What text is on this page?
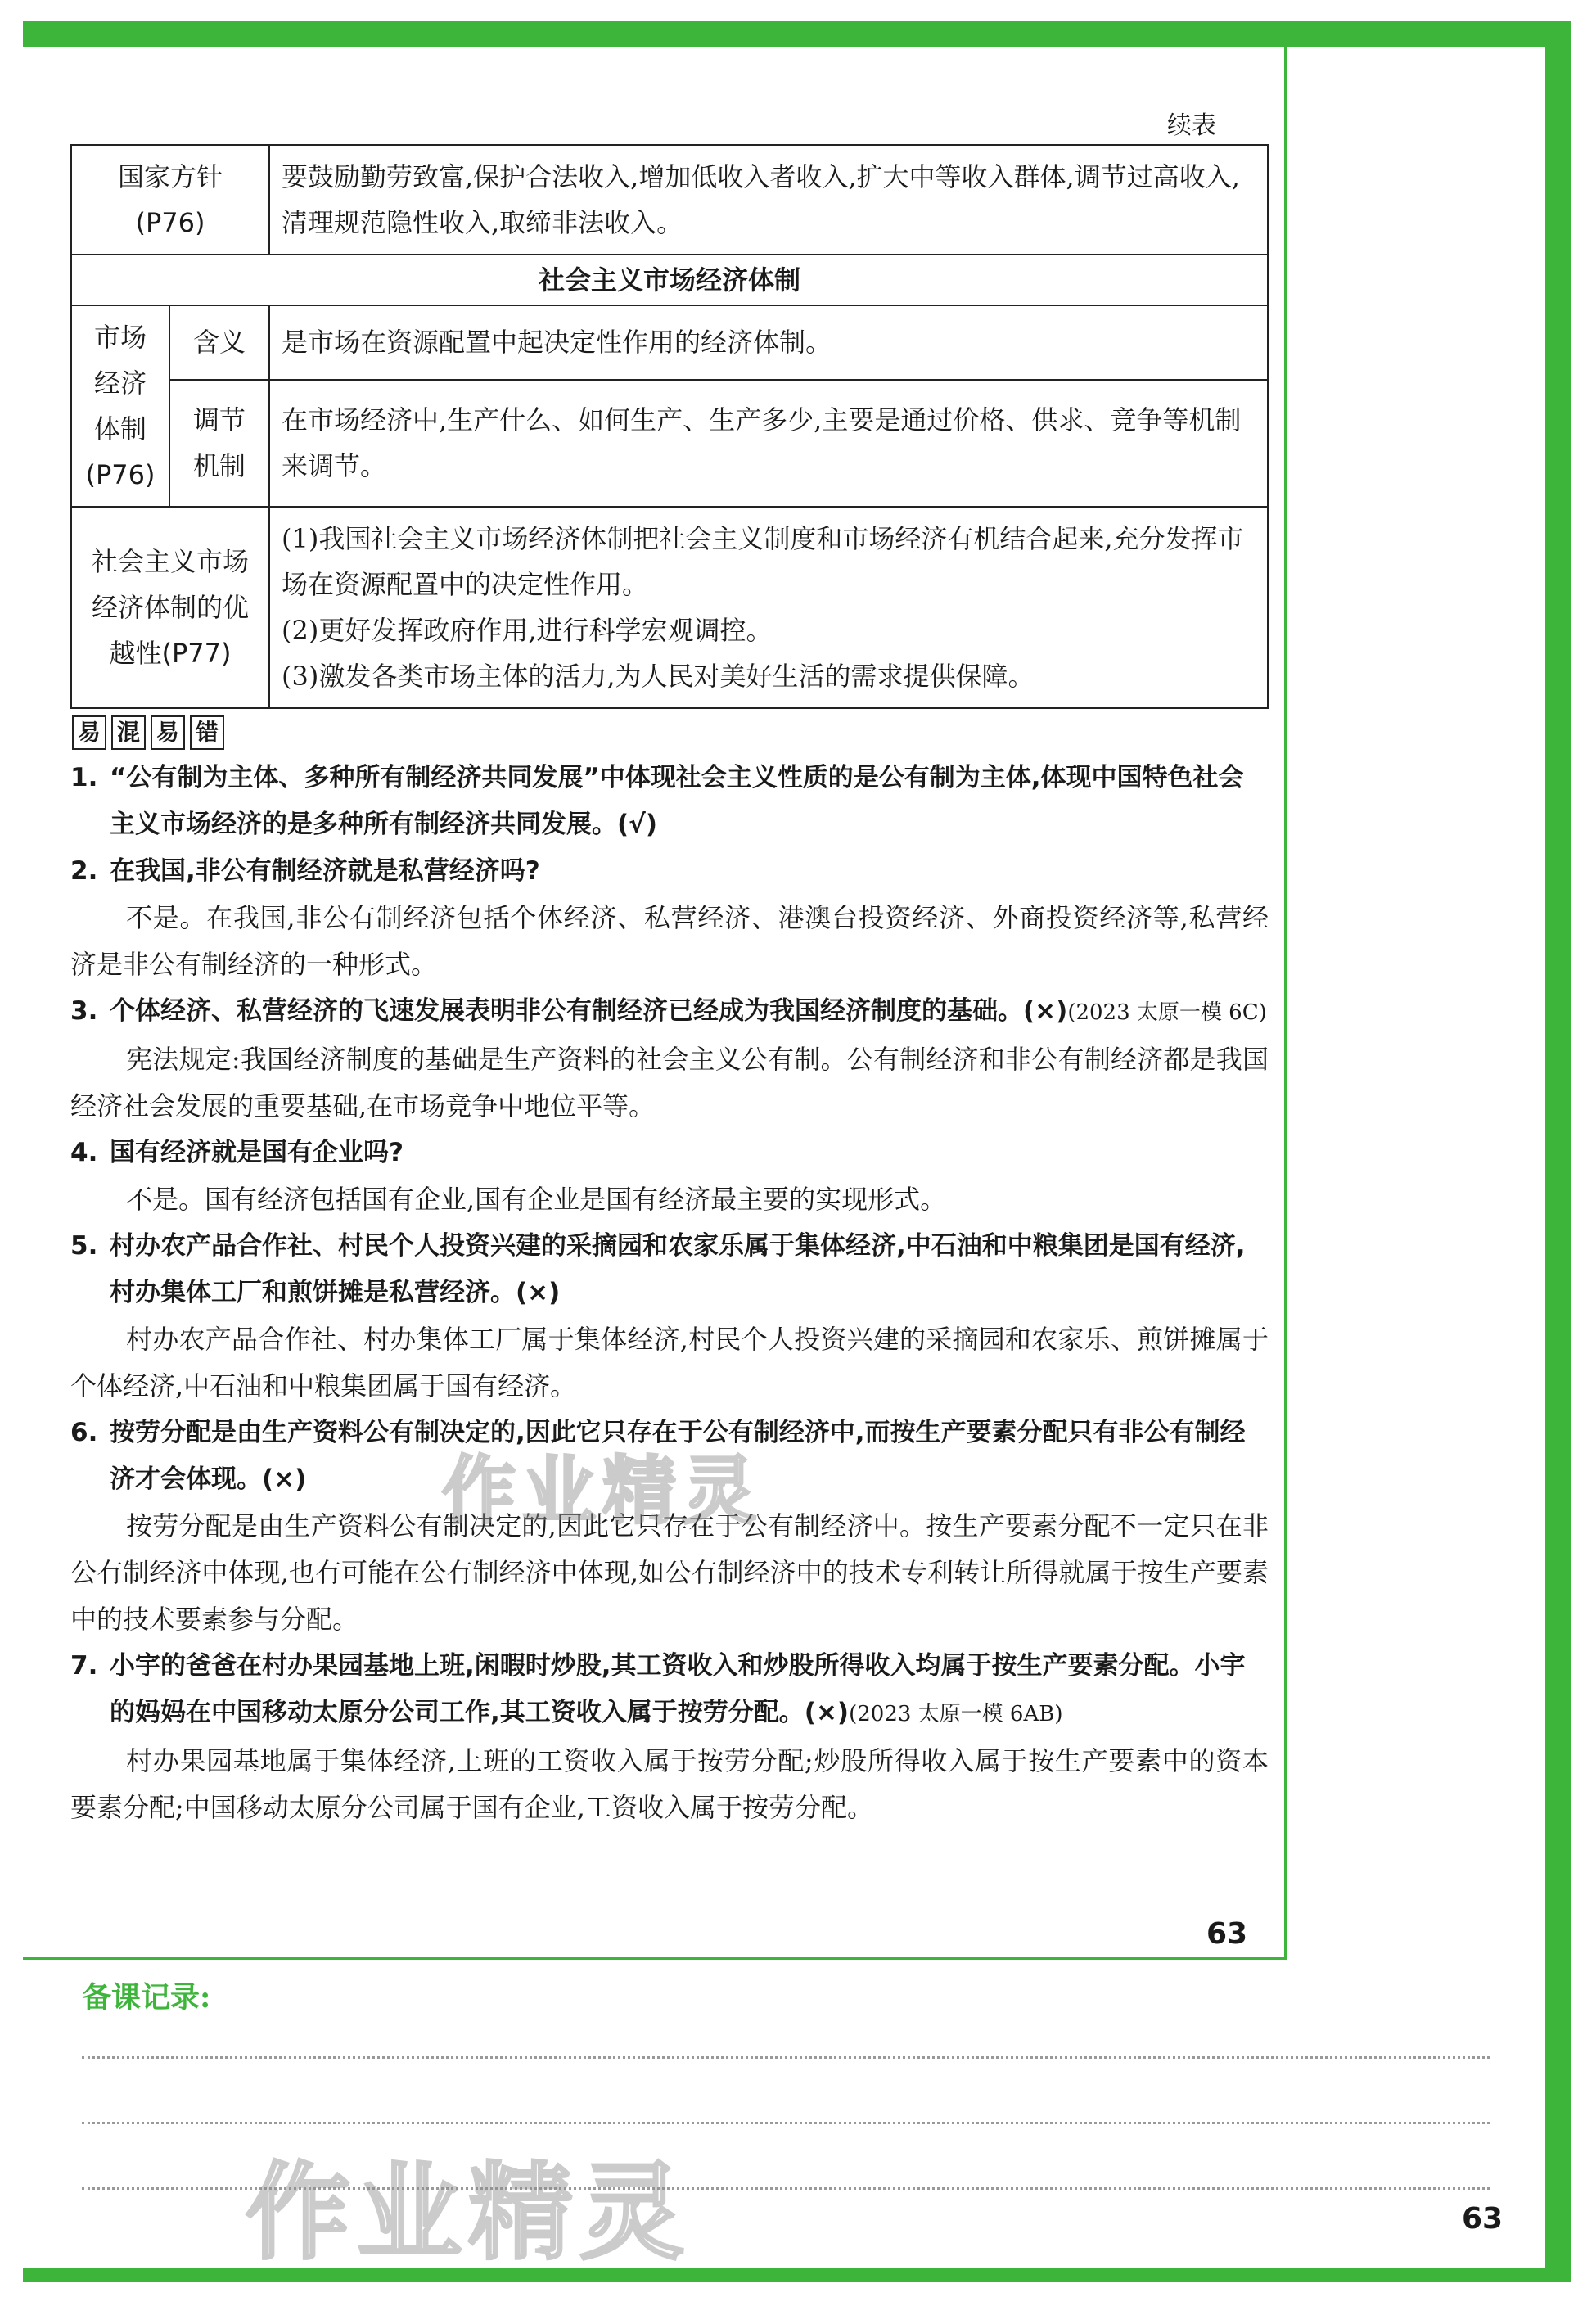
续表
国家方针(P76)		要鼓励勤劳致富,保护合法收入,增加低收入者收入,扩大中等收入群体,调节过高收入,清理规范隐性收入,取缔非法收入。
社会主义市场经济体制		
市场经济体制(P76)	含义	是市场在资源配置中起决定性作用的经济体制。
	调节机制	在市场经济中,生产什么、如何生产、生产多少,主要是通过价格、供求、竞争等机制来调节。
社会主义市场经济体制的优越性(P77)		(1)我国社会主义市场经济体制把社会主义制度和市场经济有机结合起来,充分发挥市场在资源配置中的决定性作用。
(2)更好发挥政府作用,进行科学宏观调控。
(3)激发各类市场主体的活力,为人民对美好生活的需求提供保障。
易 混 易 错
1. “公有制为主体、多种所有制经济共同发展”中体现社会主义性质的是公有制为主体,体现中国特色社会主义市场经济的是多种所有制经济共同发展。(√)
2. 在我国,非公有制经济就是私营经济吗?
不是。在我国,非公有制经济包括个体经济、私营经济、港澳台投资经济、外商投资经济等,私营经济是非公有制经济的一种形式。
3. 个体经济、私营经济的飞速发展表明非公有制经济已经成为我国经济制度的基础。(×)(2023 太原一模 6C)
宪法规定:我国经济制度的基础是生产资料的社会主义公有制。公有制经济和非公有制经济都是我国经济社会发展的重要基础,在市场竞争中地位平等。
4. 国有经济就是国有企业吗?
不是。国有经济包括国有企业,国有企业是国有经济最主要的实现形式。
5. 村办农产品合作社、村民个人投资兴建的采摘园和农家乐属于集体经济,中石油和中粮集团是国有经济,村办集体工厂和煎饼摊是私营经济。(×)
村办农产品合作社、村办集体工厂属于集体经济,村民个人投资兴建的采摘园和农家乐、煎饼摊属于个体经济,中石油和中粮集团属于国有经济。
6. 按劳分配是由生产资料公有制决定的,因此它只存在于公有制经济中,而按生产要素分配只有非公有制经济才会体现。(×)
按劳分配是由生产资料公有制决定的,因此它只存在于公有制经济中。按生产要素分配不一定只在非公有制经济中体现,也有可能在公有制经济中体现,如公有制经济中的技术专利转让所得就属于按生产要素中的技术要素参与分配。
7. 小宇的爸爸在村办果园基地上班,闲暇时炒股,其工资收入和炒股所得收入均属于按生产要素分配。小宇的妈妈在中国移动太原分公司工作,其工资收入属于按劳分配。(×)(2023 太原一模 6AB)
村办果园基地属于集体经济,上班的工资收入属于按劳分配;炒股所得收入属于按生产要素中的资本要素分配;中国移动太原分公司属于国有企业,工资收入属于按劳分配。
63
备课记录:
63
作业精灵
作业精灵
